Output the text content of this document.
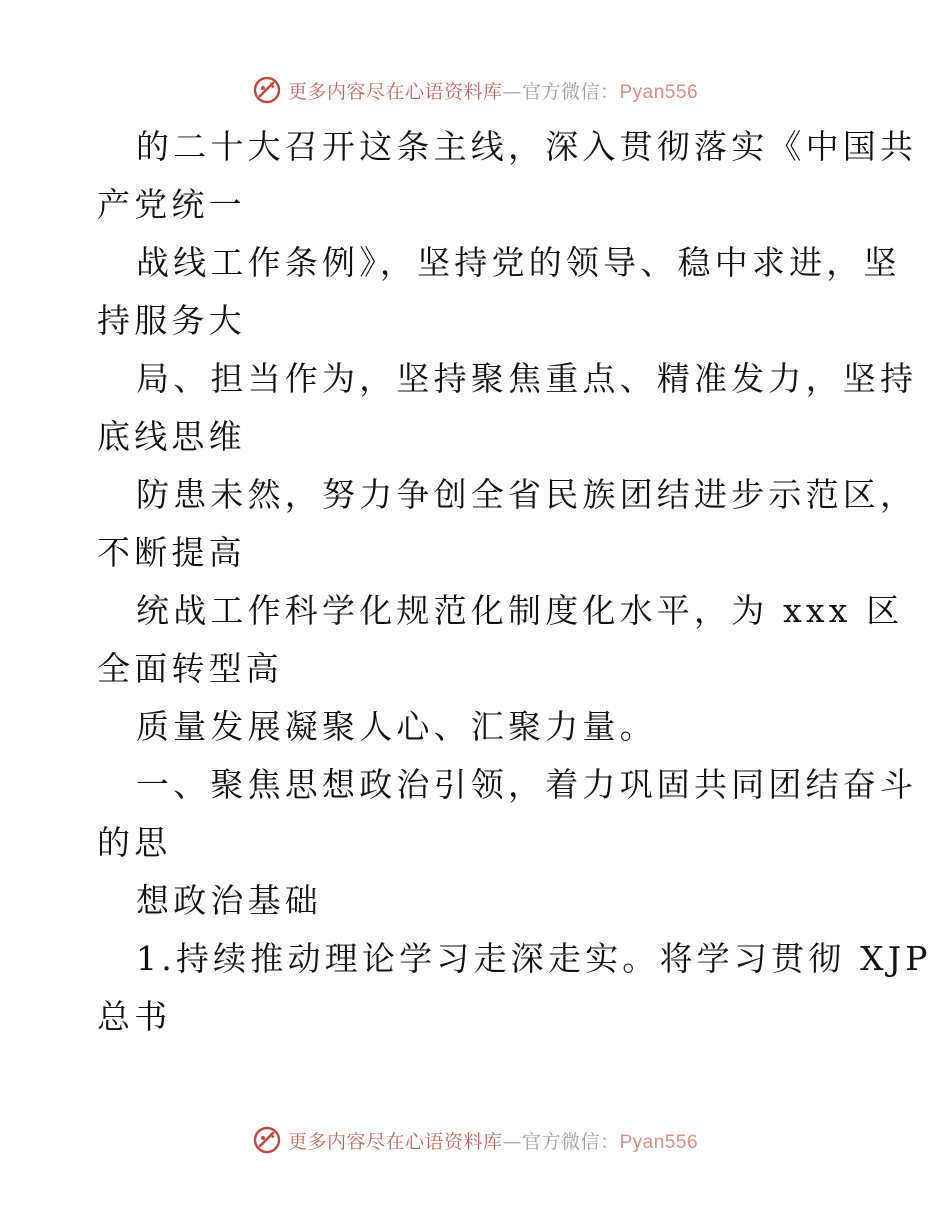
更多内容尽在心语资料库—官方微信：Pyan556
的二十大召开这条主线，深入贯彻落实《中国共
产党统一
战线工作条例》，坚持党的领导、稳中求进，坚
持服务大
局、担当作为，坚持聚焦重点、精准发力，坚持
底线思维
防患未然，努力争创全省民族团结进步示范区，
不断提高
统战工作科学化规范化制度化水平，为 xxx 区
全面转型高
质量发展凝聚人心、汇聚力量。
一、聚焦思想政治引领，着力巩固共同团结奋斗
的思
想政治基础
1.持续推动理论学习走深走实。将学习贯彻 XJP
总书
更多内容尽在心语资料库—官方微信：Pyan556
